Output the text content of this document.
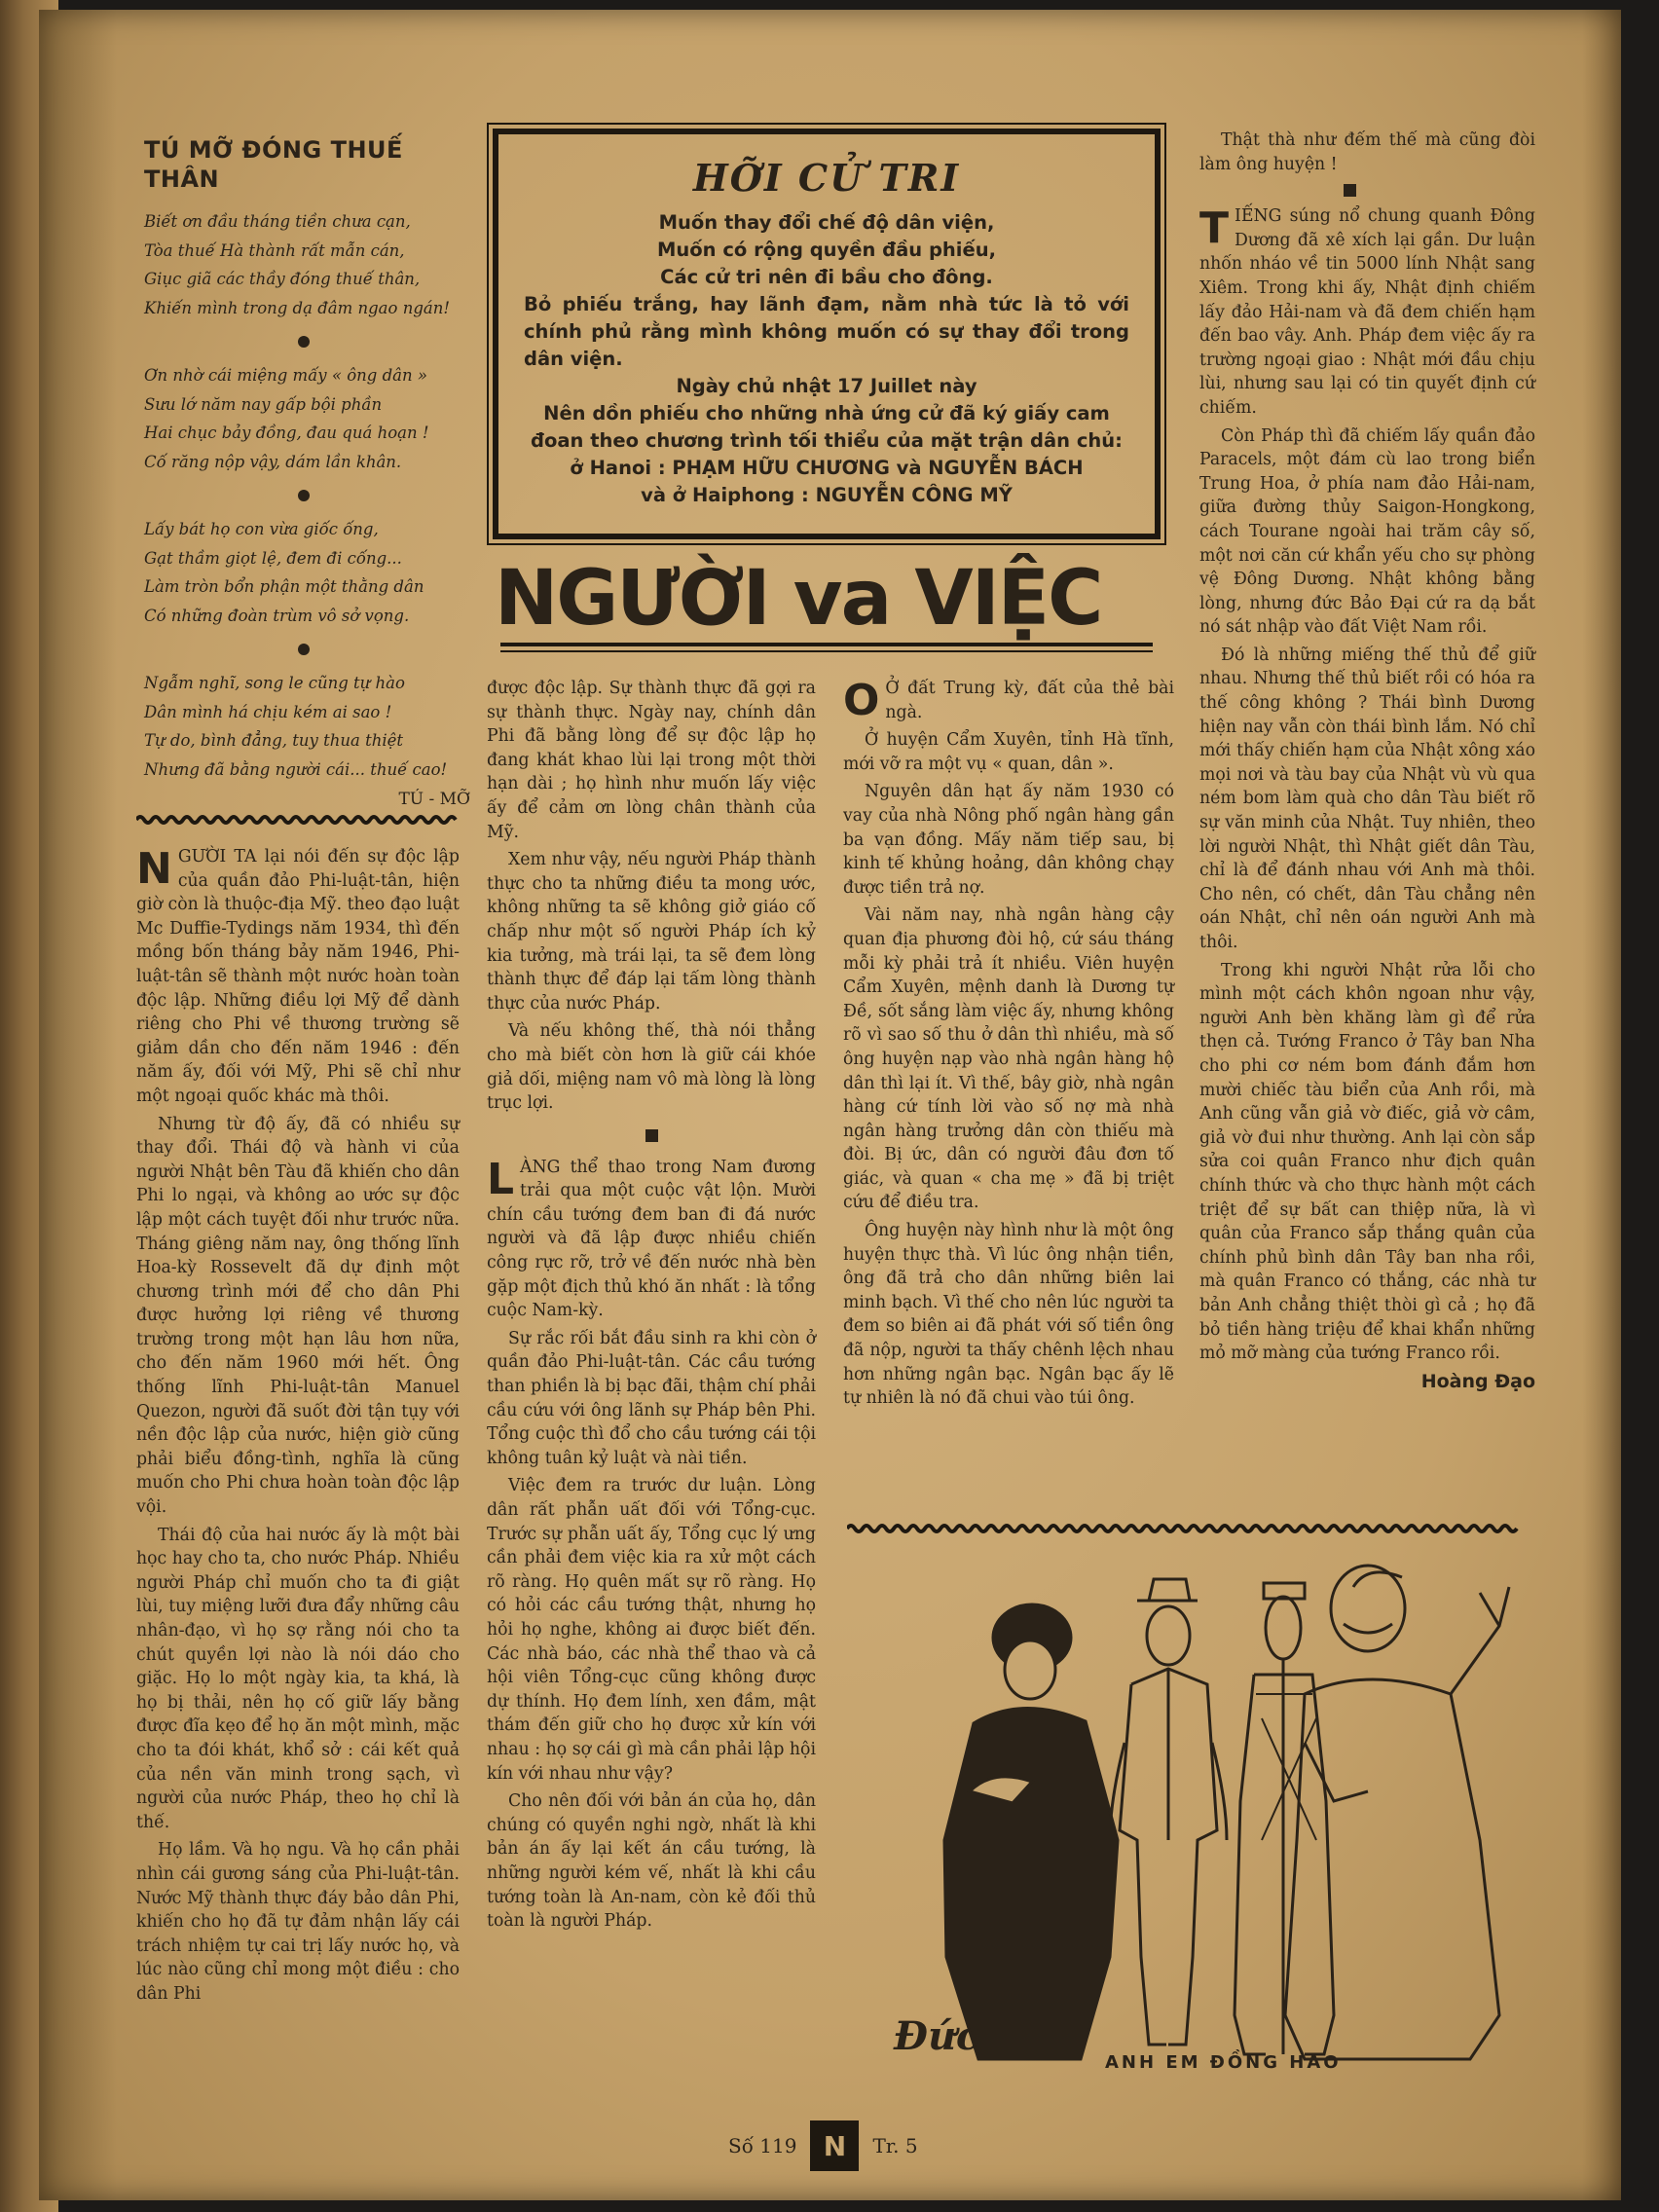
TÚ MỠ ĐÓNG THUẾ THÂN

Biết ơn đầu tháng tiền chưa cạn,
Tòa thuế Hà thành rất mẫn cán,
Giục giã các thầy đóng thuế thân,
Khiến mình trong dạ đâm ngao ngán!

Ơn nhờ cái miệng mấy « ông dân »
Sưu lớ năm nay gấp bội phần
Hai chục bảy đồng, đau quá hoạn !
Cố răng nộp vậy, dám lần khân.

Lấy bát họ con vừa giốc ống,
Gạt thầm giọt lệ, đem đi cống...
Làm tròn bổn phận một thằng dân
Có những đoàn trùm vô sở vọng.

Ngẫm nghĩ, song le cũng tự hào
Dân mình há chịu kém ai sao !
Tự do, bình đẳng, tuy thua thiệt
Nhưng đã bằng người cái... thuế cao!

TÚ - MỠ
HỠI CỬ TRI

Muốn thay đổi chế độ dân viện,

Muốn có rộng quyền đầu phiếu,

Các cử tri nên đi bầu cho đông.

Bỏ phiếu trắng, hay lãnh đạm, nằm nhà tức là tỏ với chính phủ rằng mình không muốn có sự thay đổi trong dân viện.

Ngày chủ nhật 17 Juillet này

Nên dồn phiếu cho những nhà ứng cử đã ký giấy cam đoan theo chương trình tối thiểu của mặt trận dân chủ:

ở Hanoi : PHẠM HỮU CHƯƠNG và NGUYỄN BÁCH

và ở Haiphong : NGUYỄN CÔNG MỸ

NGƯỜI va VIỆC

NGƯỜI TA lại nói đến sự độc lập của quần đảo Phi-luật-tân, hiện giờ còn là thuộc-địa Mỹ. theo đạo luật Mc Duffie-Tydings năm 1934, thì đến mồng bốn tháng bảy năm 1946, Phi-luật-tân sẽ thành một nước hoàn toàn độc lập. Những điều lợi Mỹ để dành riêng cho Phi về thương trường sẽ giảm dần cho đến năm 1946 : đến năm ấy, đối với Mỹ, Phi sẽ chỉ như một ngoại quốc khác mà thôi.

Nhưng từ độ ấy, đã có nhiều sự thay đổi. Thái độ và hành vi của người Nhật bên Tàu đã khiến cho dân Phi lo ngại, và không ao ước sự độc lập một cách tuyệt đối như trước nữa. Tháng giêng năm nay, ông thống lĩnh Hoa-kỳ Rossevelt đã dự định một chương trình mới để cho dân Phi được hưởng lợi riêng về thương trường trong một hạn lâu hơn nữa, cho đến năm 1960 mới hết. Ông thống lĩnh Phi-luật-tân Manuel Quezon, người đã suốt đời tận tụy với nền độc lập của nước, hiện giờ cũng phải biểu đồng-tình, nghĩa là cũng muốn cho Phi chưa hoàn toàn độc lập vội.

Thái độ của hai nước ấy là một bài học hay cho ta, cho nước Pháp. Nhiều người Pháp chỉ muốn cho ta đi giật lùi, tuy miệng lưỡi đưa đẩy những câu nhân-đạo, vì họ sợ rằng nói cho ta chút quyền lợi nào là nói dáo cho giặc. Họ lo một ngày kia, ta khá, là họ bị thải, nên họ cố giữ lấy bằng được đĩa kẹo để họ ăn một mình, mặc cho ta đói khát, khổ sở : cái kết quả của nền văn minh trong sạch, vì người của nước Pháp, theo họ chỉ là thế.

Họ lầm. Và họ ngu. Và họ cần phải nhìn cái gương sáng của Phi-luật-tân. Nước Mỹ thành thực đáy bảo dân Phi, khiến cho họ đã tự đảm nhận lấy cái trách nhiệm tự cai trị lấy nước họ, và lúc nào cũng chỉ mong một điều : cho dân Phi

được độc lập. Sự thành thực đã gợi ra sự thành thực. Ngày nay, chính dân Phi đã bằng lòng để sự độc lập họ đang khát khao lùi lại trong một thời hạn dài ; họ hình như muốn lấy việc ấy để cảm ơn lòng chân thành của Mỹ.

Xem như vậy, nếu người Pháp thành thực cho ta những điều ta mong ước, không những ta sẽ không giở giáo cố chấp như một số người Pháp ích kỷ kia tưởng, mà trái lại, ta sẽ đem lòng thành thực để đáp lại tấm lòng thành thực của nước Pháp.

Và nếu không thế, thà nói thẳng cho mà biết còn hơn là giữ cái khóe giả dối, miệng nam vô mà lòng là lòng trục lợi.

LÀNG thể thao trong Nam đương trải qua một cuộc vật lộn. Mười chín cầu tướng đem ban đi đá nước người và đã lập được nhiều chiến công rực rỡ, trở về đến nước nhà bèn gặp một địch thủ khó ăn nhất : là tổng cuộc Nam-kỳ.

Sự rắc rối bắt đầu sinh ra khi còn ở quần đảo Phi-luật-tân. Các cầu tướng than phiền là bị bạc đãi, thậm chí phải cầu cứu với ông lãnh sự Pháp bên Phi. Tổng cuộc thì đổ cho cầu tướng cái tội không tuân kỷ luật và nài tiền.

Việc đem ra trước dư luận. Lòng dân rất phẫn uất đối với Tổng-cục. Trước sự phẫn uất ấy, Tổng cục lý ưng cần phải đem việc kia ra xử một cách rõ ràng. Họ quên mất sự rõ ràng. Họ có hỏi các cầu tướng thật, nhưng họ hỏi họ nghe, không ai được biết đến. Các nhà báo, các nhà thể thao và cả hội viên Tổng-cục cũng không được dự thính. Họ đem lính, xen đầm, mật thám đến giữ cho họ được xử kín với nhau : họ sợ cái gì mà cần phải lập hội kín với nhau như vậy?

Cho nên đối với bản án của họ, dân chúng có quyền nghi ngờ, nhất là khi bản án ấy lại kết án cầu tướng, là những người kém vế, nhất là khi cầu tướng toàn là An-nam, còn kẻ đối thủ toàn là người Pháp.

O Ở đất Trung kỳ, đất của thẻ bài ngà.

Ở huyện Cẩm Xuyên, tỉnh Hà tĩnh, mới vỡ ra một vụ « quan, dân ».

Nguyên dân hạt ấy năm 1930 có vay của nhà Nông phố ngân hàng gần ba vạn đồng. Mấy năm tiếp sau, bị kinh tế khủng hoảng, dân không chạy được tiền trả nợ.

Vài năm nay, nhà ngân hàng cậy quan địa phương đòi hộ, cứ sáu tháng mỗi kỳ phải trả ít nhiều. Viên huyện Cẩm Xuyên, mệnh danh là Dương tự Đề, sốt sắng làm việc ấy, nhưng không rõ vì sao số thu ở dân thì nhiều, mà số ông huyện nạp vào nhà ngân hàng hộ dân thì lại ít. Vì thế, bây giờ, nhà ngân hàng cứ tính lời vào số nợ mà nhà ngân hàng trưởng dân còn thiếu mà đòi. Bị ức, dân có người đâu đơn tố giác, và quan « cha mẹ » đã bị triệt cứu để điều tra.

Ông huyện này hình như là một ông huyện thực thà. Vì lúc ông nhận tiền, ông đã trả cho dân những biên lai minh bạch. Vì thế cho nên lúc người ta đem so biên ai đã phát với số tiền ông đã nộp, người ta thấy chênh lệch nhau hơn những ngân bạc. Ngân bạc ấy lẽ tự nhiên là nó đã chui vào túi ông.

Thật thà như đếm thế mà cũng đòi làm ông huyện !

TIẾNG súng nổ chung quanh Đông Dương đã xê xích lại gần. Dư luận nhốn nháo về tin 5000 lính Nhật sang Xiêm. Trong khi ấy, Nhật định chiếm lấy đảo Hải-nam và đã đem chiến hạm đến bao vây. Anh. Pháp đem việc ấy ra trường ngoại giao : Nhật mới đầu chịu lùi, nhưng sau lại có tin quyết định cứ chiếm.

Còn Pháp thì đã chiếm lấy quần đảo Paracels, một đám cù lao trong biển Trung Hoa, ở phía nam đảo Hải-nam, giữa đường thủy Saigon-Hongkong, cách Tourane ngoài hai trăm cây số, một nơi căn cứ khẩn yếu cho sự phòng vệ Đông Dương. Nhật không bằng lòng, nhưng đức Bảo Đại cứ ra dạ bắt nó sát nhập vào đất Việt Nam rồi.

Đó là những miếng thế thủ để giữ nhau. Nhưng thế thủ biết rồi có hóa ra thế công không ? Thái bình Dương hiện nay vẫn còn thái bình lắm. Nó chỉ mới thấy chiến hạm của Nhật xông xáo mọi nơi và tàu bay của Nhật vù vù qua ném bom làm quà cho dân Tàu biết rõ sự văn minh của Nhật. Tuy nhiên, theo lời người Nhật, thì Nhật giết dân Tàu, chỉ là để đánh nhau với Anh mà thôi. Cho nên, có chết, dân Tàu chẳng nên oán Nhật, chỉ nên oán người Anh mà thôi.

Trong khi người Nhật rửa lỗi cho mình một cách khôn ngoan như vậy, người Anh bèn khăng làm gì để rửa thẹn cả. Tướng Franco ở Tây ban Nha cho phi cơ ném bom đánh đắm hơn mười chiếc tàu biển của Anh rồi, mà Anh cũng vẫn giả vờ điếc, giả vờ câm, giả vờ đui như thường. Anh lại còn sắp sửa coi quân Franco như địch quân chính thức và cho thực hành một cách triệt để sự bất can thiệp nữa, là vì quân của Franco sắp thắng quân của chính phủ bình dân Tây ban nha rồi, mà quân Franco có thắng, các nhà tư bản Anh chẳng thiệt thòi gì cả ; họ đã bỏ tiền hàng triệu để khai khẩn những mỏ mỡ màng của tướng Franco rồi.

Hoàng Đạo
Đức
ANH EM ĐỒNG HAO
Số 119 N	Tr. 5
